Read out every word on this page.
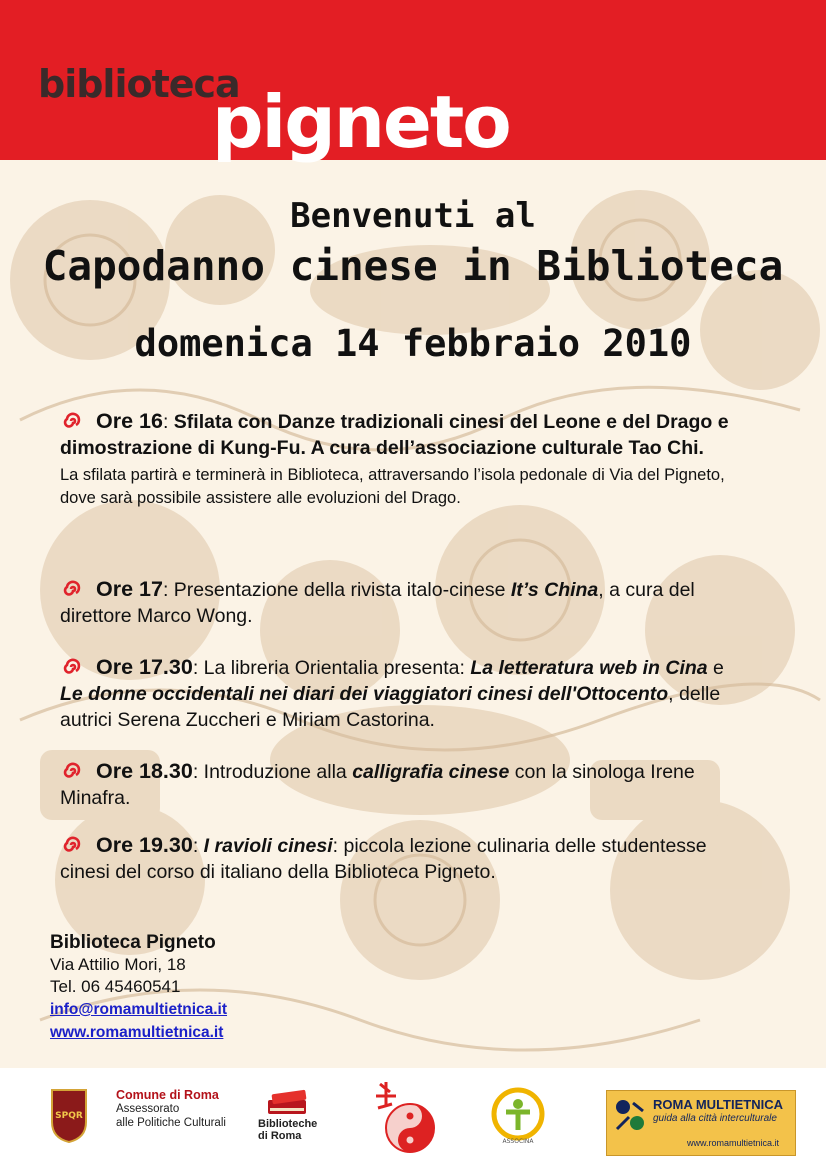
biblioteca

pigneto

Benvenuti al
Capodanno cinese in Biblioteca
domenica 14 febbraio 2010
Ore 16: Sfilata con Danze tradizionali cinesi del Leone e del Drago e dimostrazione di Kung-Fu. A cura dell’associazione culturale Tao Chi.
La sfilata partirà e terminerà in Biblioteca, attraversando l’isola pedonale di Via del Pigneto, dove sarà possibile assistere alle evoluzioni del Drago.
Ore 17: Presentazione della rivista italo-cinese It’s China, a cura del direttore Marco Wong.
Ore 17.30: La libreria Orientalia presenta: La letteratura web in Cina e Le donne occidentali nei diari dei viaggiatori cinesi dell'Ottocento, delle autrici Serena Zuccheri e Miriam Castorina.
Ore 18.30: Introduzione alla calligrafia cinese con la sinologa Irene Minafra.
Ore 19.30: I ravioli cinesi: piccola lezione culinaria delle studentesse cinesi del corso di italiano della Biblioteca Pigneto.
Biblioteca Pigneto
Via Attilio Mori, 18
Tel. 06 45460541
info@romamultietnica.it
www.romamultietnica.it
SPQR
Comune di Roma
Assessorato
alle Politiche Culturali	Biblioteche
di Roma	ASSOCINA
ROMA MULTIETNICA
guida alla città interculturale
www.romamultietnica.it
